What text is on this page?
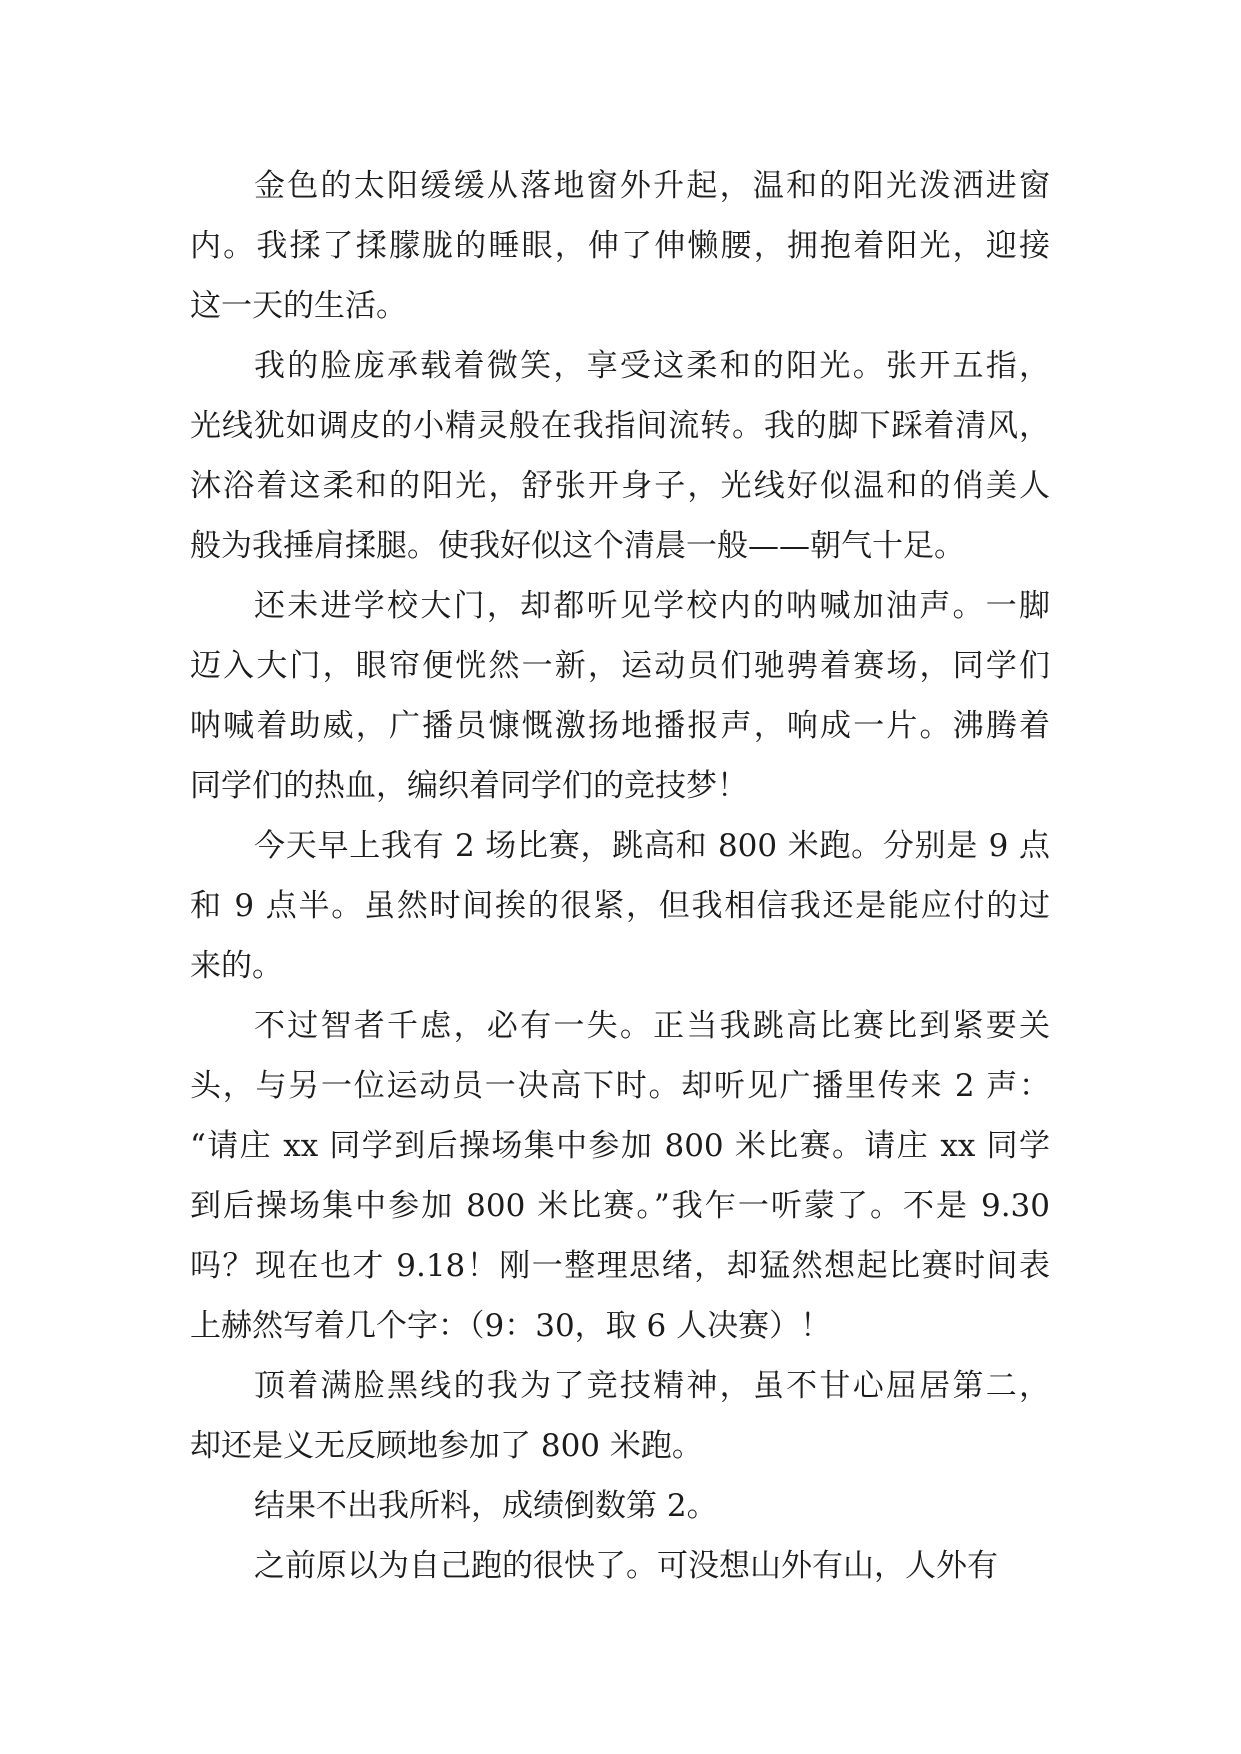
金色的太阳缓缓从落地窗外升起，温和的阳光泼洒进窗
内。我揉了揉朦胧的睡眼，伸了伸懒腰，拥抱着阳光，迎接
这一天的生活。
我的脸庞承载着微笑，享受这柔和的阳光。张开五指，
光线犹如调皮的小精灵般在我指间流转。我的脚下踩着清风，
沐浴着这柔和的阳光，舒张开身子，光线好似温和的俏美人
般为我捶肩揉腿。使我好似这个清晨一般——朝气十足。
还未进学校大门，却都听见学校内的呐喊加油声。一脚
迈入大门，眼帘便恍然一新，运动员们驰骋着赛场，同学们
呐喊着助威，广播员慷慨激扬地播报声，响成一片。沸腾着
同学们的热血，编织着同学们的竞技梦！
今天早上我有 2 场比赛，跳高和 800 米跑。分别是 9 点
和 9 点半。虽然时间挨的很紧，但我相信我还是能应付的过
来的。
不过智者千虑，必有一失。正当我跳高比赛比到紧要关
头，与另一位运动员一决高下时。却听见广播里传来 2 声：
“请庄 xx 同学到后操场集中参加 800 米比赛。请庄 xx 同学
到后操场集中参加 800 米比赛。”我乍一听蒙了。不是 9.30
吗？现在也才 9.18！刚一整理思绪，却猛然想起比赛时间表
上赫然写着几个字：（9：30，取 6 人决赛）！
顶着满脸黑线的我为了竞技精神，虽不甘心屈居第二，
却还是义无反顾地参加了 800 米跑。
结果不出我所料，成绩倒数第 2。
之前原以为自己跑的很快了。可没想山外有山，人外有
